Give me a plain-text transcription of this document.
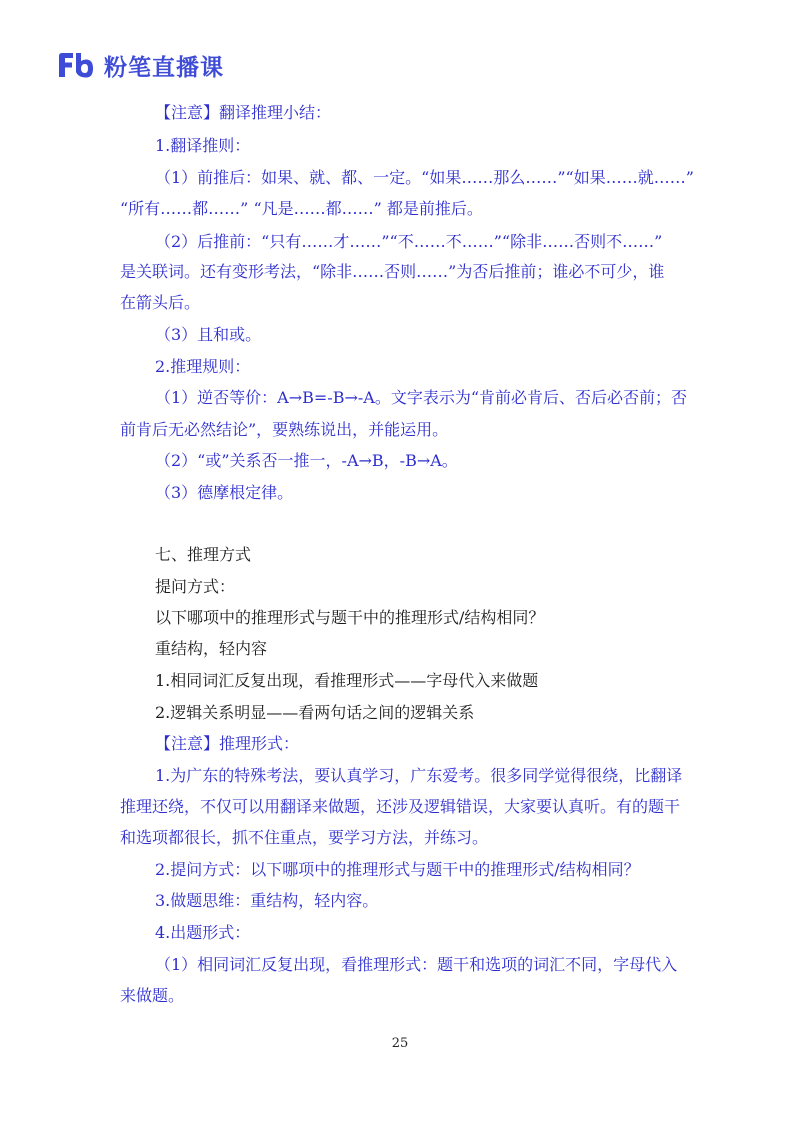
粉笔直播课
【注意】翻译推理小结：
1.翻译推则：
（1）前推后：如果、就、都、一定。“如果……那么……”“如果……就……”
“所有……都……” “凡是……都……” 都是前推后。
（2）后推前：“只有……才……”“不……不……”“除非……否则不……”
是关联词。还有变形考法，“除非……否则……”为否后推前；谁必不可少，谁
在箭头后。
（3）且和或。
2.推理规则：
（1）逆否等价：A→B=-B→-A。文字表示为“肯前必肯后、否后必否前；否
前肯后无必然结论”，要熟练说出，并能运用。
（2）“或”关系否一推一，-A→B，-B→A。
（3）德摩根定律。
七、推理方式
提问方式：
以下哪项中的推理形式与题干中的推理形式/结构相同？
重结构，轻内容
1.相同词汇反复出现，看推理形式——字母代入来做题
2.逻辑关系明显——看两句话之间的逻辑关系
【注意】推理形式：
1.为广东的特殊考法，要认真学习，广东爱考。很多同学觉得很绕，比翻译
推理还绕，不仅可以用翻译来做题，还涉及逻辑错误，大家要认真听。有的题干
和选项都很长，抓不住重点，要学习方法，并练习。
2.提问方式：以下哪项中的推理形式与题干中的推理形式/结构相同？
3.做题思维：重结构，轻内容。
4.出题形式：
（1）相同词汇反复出现，看推理形式：题干和选项的词汇不同，字母代入
来做题。
25
